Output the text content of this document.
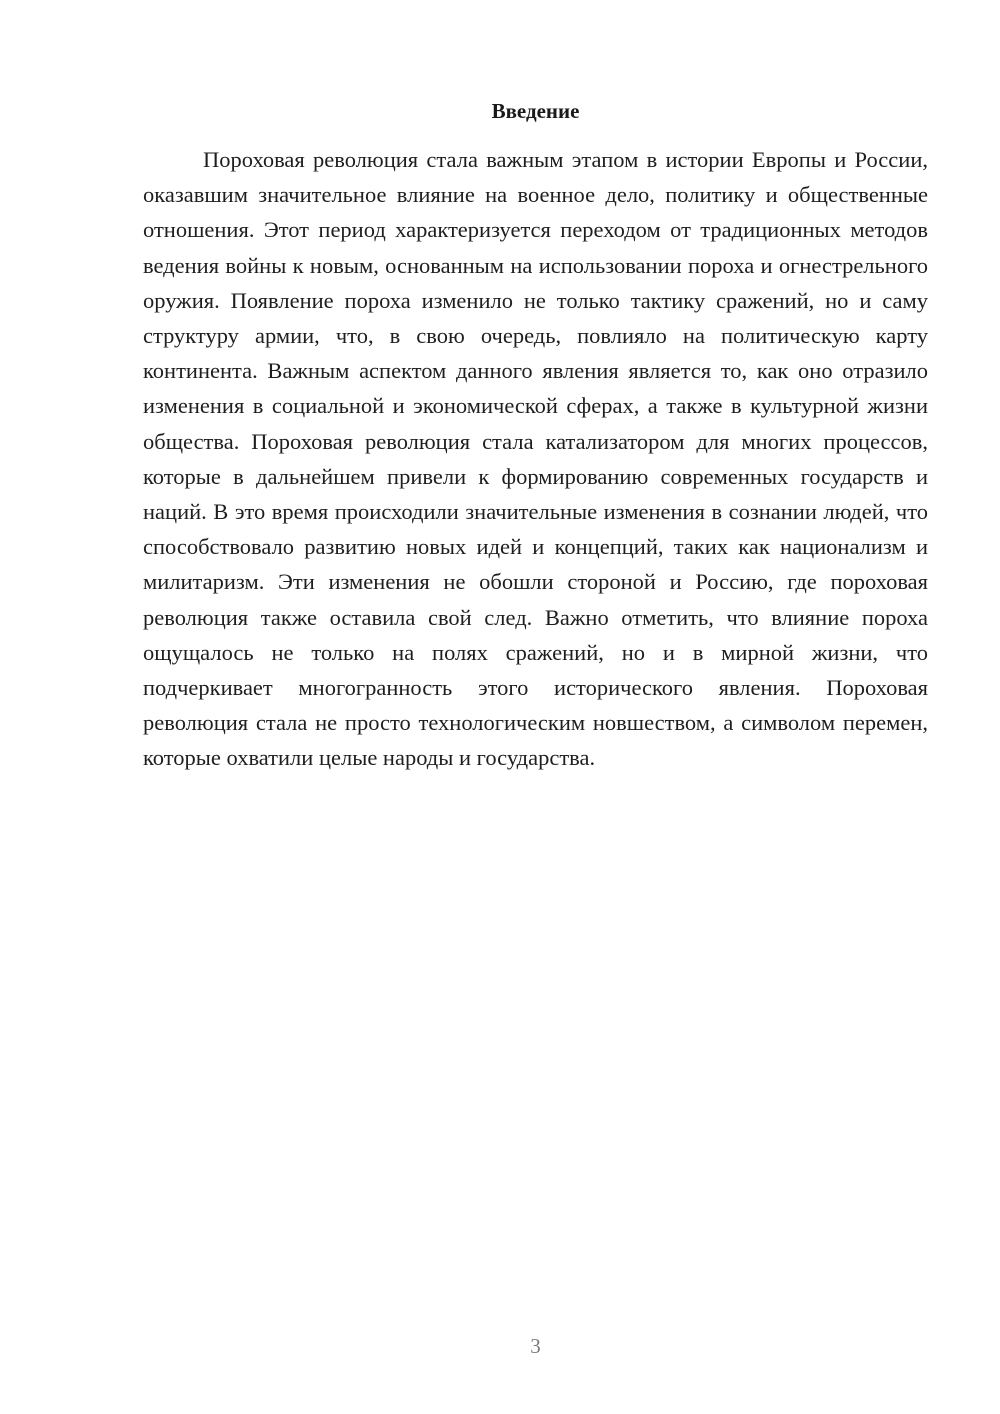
Введение

Пороховая революция стала важным этапом в истории Европы и России, оказавшим значительное влияние на военное дело, политику и общественные отношения. Этот период характеризуется переходом от традиционных методов ведения войны к новым, основанным на использовании пороха и огнестрельного оружия. Появление пороха изменило не только тактику сражений, но и саму структуру армии, что, в свою очередь, повлияло на политическую карту континента. Важным аспектом данного явления является то, как оно отразило изменения в социальной и экономической сферах, а также в культурной жизни общества. Пороховая революция стала катализатором для многих процессов, которые в дальнейшем привели к формированию современных государств и наций. В это время происходили значительные изменения в сознании людей, что способствовало развитию новых идей и концепций, таких как национализм и милитаризм. Эти изменения не обошли стороной и Россию, где пороховая революция также оставила свой след. Важно отметить, что влияние пороха ощущалось не только на полях сражений, но и в мирной жизни, что подчеркивает многогранность этого исторического явления. Пороховая революция стала не просто технологическим новшеством, а символом перемен, которые охватили целые народы и государства.

3
